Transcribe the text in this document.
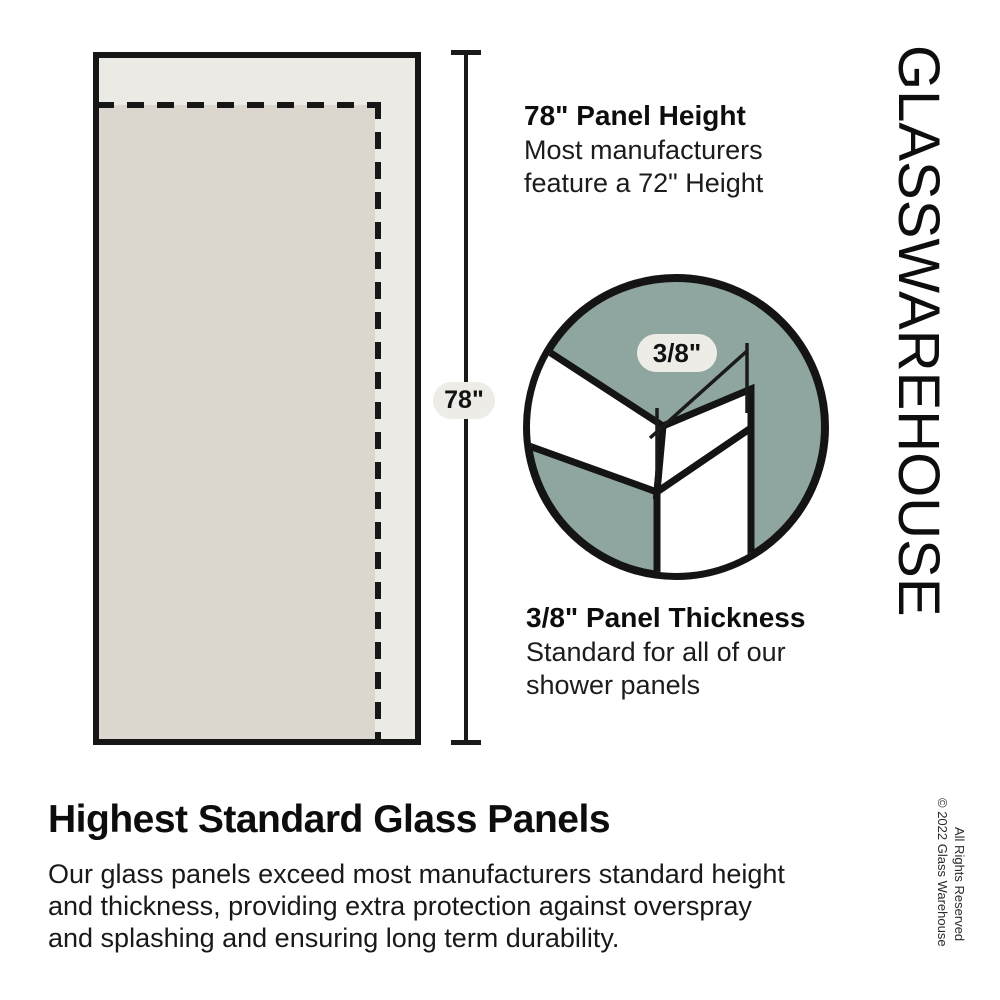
78"
78" Panel Height
Most manufacturers
feature a 72" Height
3/8"
3/8" Panel Thickness
Standard for all of our
shower panels
Highest Standard Glass Panels
Our glass panels exceed most manufacturers standard height
and thickness, providing extra protection against overspray
and splashing and ensuring long term durability.
GLASSWAREHOUSE
© 2022 Glass Warehouse All Rights Reserved
